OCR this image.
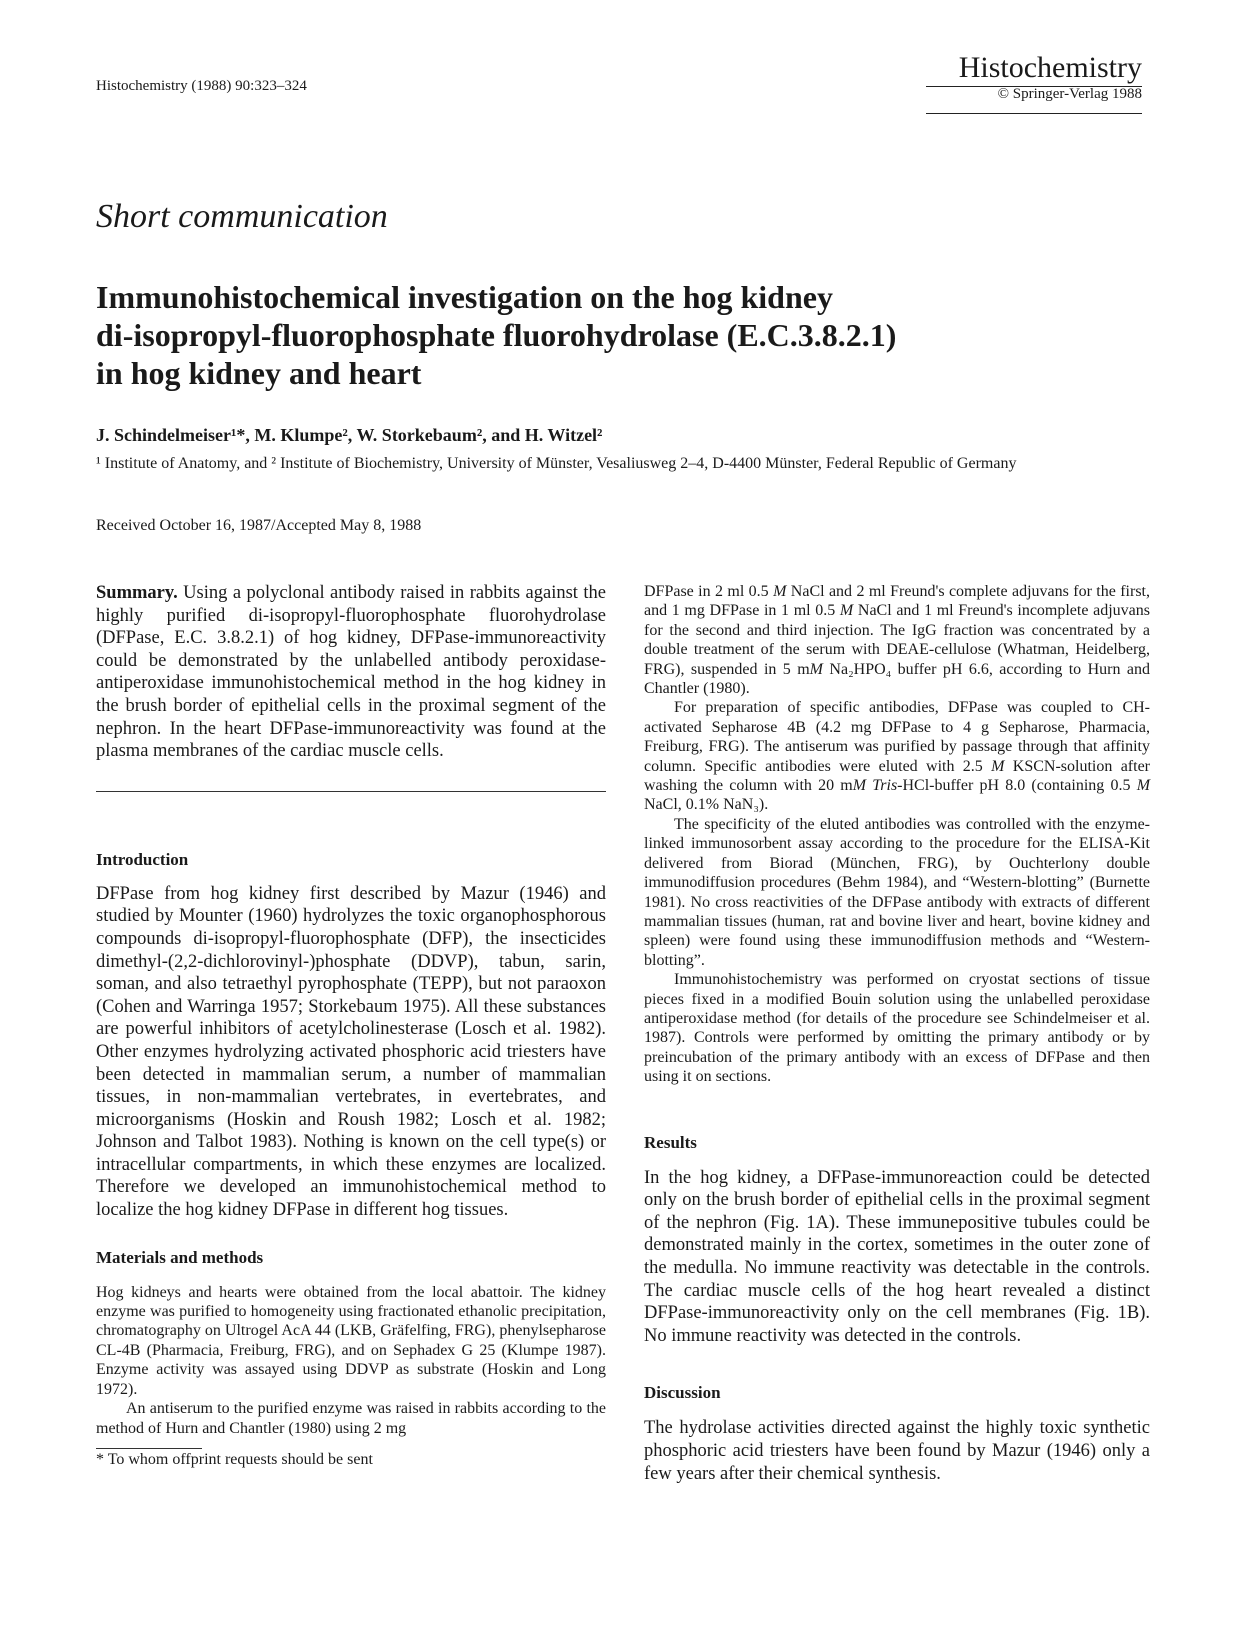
Histochemistry (1988) 90:323–324
Histochemistry
© Springer-Verlag 1988
Short communication
Immunohistochemical investigation on the hog kidney
di-isopropyl-fluorophosphate fluorohydrolase (E.C.3.8.2.1)
in hog kidney and heart
J. Schindelmeiser¹*, M. Klumpe², W. Storkebaum², and H. Witzel²
¹ Institute of Anatomy, and ² Institute of Biochemistry, University of Münster, Vesaliusweg 2–4, D-4400 Münster, Federal Republic of Germany
Received October 16, 1987/Accepted May 8, 1988

Summary. Using a polyclonal antibody raised in rabbits against the highly purified di-isopropyl-fluorophosphate fluorohydrolase (DFPase, E.C. 3.8.2.1) of hog kidney, DFPase-immunoreactivity could be demonstrated by the unlabelled antibody peroxidase-antiperoxidase immunohistochemical method in the hog kidney in the brush border of epithelial cells in the proximal segment of the nephron. In the heart DFPase-immunoreactivity was found at the plasma membranes of the cardiac muscle cells.

Introduction

DFPase from hog kidney first described by Mazur (1946) and studied by Mounter (1960) hydrolyzes the toxic organophosphorous compounds di-isopropyl-fluorophosphate (DFP), the insecticides dimethyl-(2,2-dichlorovinyl-)phosphate (DDVP), tabun, sarin, soman, and also tetraethyl pyrophosphate (TEPP), but not paraoxon (Cohen and Warringa 1957; Storkebaum 1975). All these substances are powerful inhibitors of acetylcholinesterase (Losch et al. 1982). Other enzymes hydrolyzing activated phosphoric acid triesters have been detected in mammalian serum, a number of mammalian tissues, in non-mammalian vertebrates, in evertebrates, and microorganisms (Hoskin and Roush 1982; Losch et al. 1982; Johnson and Talbot 1983). Nothing is known on the cell type(s) or intracellular compartments, in which these enzymes are localized. Therefore we developed an immunohistochemical method to localize the hog kidney DFPase in different hog tissues.

Materials and methods

Hog kidneys and hearts were obtained from the local abattoir. The kidney enzyme was purified to homogeneity using fractionated ethanolic precipitation, chromatography on Ultrogel AcA 44 (LKB, Gräfelfing, FRG), phenylsepharose CL-4B (Pharmacia, Freiburg, FRG), and on Sephadex G 25 (Klumpe 1987). Enzyme activity was assayed using DDVP as substrate (Hoskin and Long 1972).

An antiserum to the purified enzyme was raised in rabbits according to the method of Hurn and Chantler (1980) using 2 mg

* To whom offprint requests should be sent

DFPase in 2 ml 0.5 M NaCl and 2 ml Freund's complete adjuvans for the first, and 1 mg DFPase in 1 ml 0.5 M NaCl and 1 ml Freund's incomplete adjuvans for the second and third injection. The IgG fraction was concentrated by a double treatment of the serum with DEAE-cellulose (Whatman, Heidelberg, FRG), suspended in 5 mM Na₂HPO₄ buffer pH 6.6, according to Hurn and Chantler (1980).

For preparation of specific antibodies, DFPase was coupled to CH-activated Sepharose 4B (4.2 mg DFPase to 4 g Sepharose, Pharmacia, Freiburg, FRG). The antiserum was purified by passage through that affinity column. Specific antibodies were eluted with 2.5 M KSCN-solution after washing the column with 20 mM Tris-HCl-buffer pH 8.0 (containing 0.5 M NaCl, 0.1% NaN₃).

The specificity of the eluted antibodies was controlled with the enzyme-linked immunosorbent assay according to the procedure for the ELISA-Kit delivered from Biorad (München, FRG), by Ouchterlony double immunodiffusion procedures (Behm 1984), and “Western-blotting” (Burnette 1981). No cross reactivities of the DFPase antibody with extracts of different mammalian tissues (human, rat and bovine liver and heart, bovine kidney and spleen) were found using these immunodiffusion methods and “Western-blotting”.

Immunohistochemistry was performed on cryostat sections of tissue pieces fixed in a modified Bouin solution using the unlabelled peroxidase antiperoxidase method (for details of the procedure see Schindelmeiser et al. 1987). Controls were performed by omitting the primary antibody or by preincubation of the primary antibody with an excess of DFPase and then using it on sections.

Results

In the hog kidney, a DFPase-immunoreaction could be detected only on the brush border of epithelial cells in the proximal segment of the nephron (Fig. 1A). These immunepositive tubules could be demonstrated mainly in the cortex, sometimes in the outer zone of the medulla. No immune reactivity was detectable in the controls. The cardiac muscle cells of the hog heart revealed a distinct DFPase-immunoreactivity only on the cell membranes (Fig. 1B). No immune reactivity was detected in the controls.

Discussion

The hydrolase activities directed against the highly toxic synthetic phosphoric acid triesters have been found by Mazur (1946) only a few years after their chemical synthesis.
